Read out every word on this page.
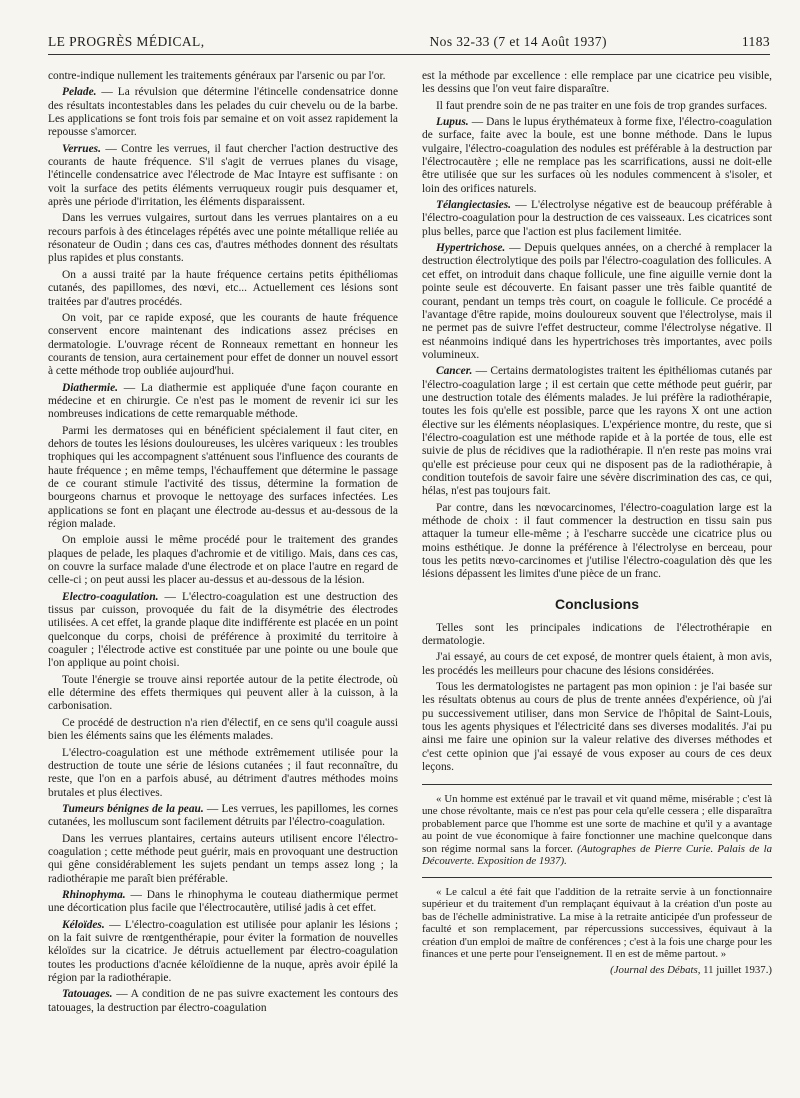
LE PROGRÈS MÉDICAL,	Nos 32-33 (7 et 14 Août 1937)	1183

contre-indique nullement les traitements généraux par l'arsenic ou par l'or.

Pelade. — La révulsion que détermine l'étincelle condensatrice donne des résultats incontestables dans les pelades du cuir chevelu ou de la barbe. Les applications se font trois fois par semaine et on voit assez rapidement la repousse s'amorcer.

Verrues. — Contre les verrues, il faut chercher l'action destructive des courants de haute fréquence. S'il s'agit de verrues planes du visage, l'étincelle condensatrice avec l'électrode de Mac Intayre est suffisante : on voit la surface des petits éléments verruqueux rougir puis desquamer et, après une période d'irritation, les éléments disparaissent.

Dans les verrues vulgaires, surtout dans les verrues plantaires on a eu recours parfois à des étincelages répétés avec une pointe métallique reliée au résonateur de Oudin ; dans ces cas, d'autres méthodes donnent des résultats plus rapides et plus constants.

On a aussi traité par la haute fréquence certains petits épithéliomas cutanés, des papillomes, des nœvi, etc... Actuellement ces lésions sont traitées par d'autres procédés.

On voit, par ce rapide exposé, que les courants de haute fréquence conservent encore maintenant des indications assez précises en dermatologie. L'ouvrage récent de Ronneaux remettant en honneur les courants de tension, aura certainement pour effet de donner un nouvel essort à cette méthode trop oubliée aujourd'hui.

Diathermie. — La diathermie est appliquée d'une façon courante en médecine et en chirurgie. Ce n'est pas le moment de revenir ici sur les nombreuses indications de cette remarquable méthode.

Parmi les dermatoses qui en bénéficient spécialement il faut citer, en dehors de toutes les lésions douloureuses, les ulcères variqueux : les troubles trophiques qui les accompagnent s'atténuent sous l'influence des courants de haute fréquence ; en même temps, l'échauffement que détermine le passage de ce courant stimule l'activité des tissus, détermine la formation de bourgeons charnus et provoque le nettoyage des surfaces infectées. Les applications se font en plaçant une électrode au-dessus et au-dessous de la région malade.

On emploie aussi le même procédé pour le traitement des grandes plaques de pelade, les plaques d'achromie et de vitiligo. Mais, dans ces cas, on couvre la surface malade d'une électrode et on place l'autre en regard de celle-ci ; on peut aussi les placer au-dessus et au-dessous de la lésion.

Electro-coagulation. — L'électro-coagulation est une destruction des tissus par cuisson, provoquée du fait de la disymétrie des électrodes utilisées. A cet effet, la grande plaque dite indifférente est placée en un point quelconque du corps, choisi de préférence à proximité du territoire à coaguler ; l'électrode active est constituée par une pointe ou une boule que l'on applique au point choisi.

Toute l'énergie se trouve ainsi reportée autour de la petite électrode, où elle détermine des effets thermiques qui peuvent aller à la cuisson, à la carbonisation.

Ce procédé de destruction n'a rien d'électif, en ce sens qu'il coagule aussi bien les éléments sains que les éléments malades.

L'électro-coagulation est une méthode extrêmement utilisée pour la destruction de toute une série de lésions cutanées ; il faut reconnaître, du reste, que l'on en a parfois abusé, au détriment d'autres méthodes moins brutales et plus électives.

Tumeurs bénignes de la peau. — Les verrues, les papillomes, les cornes cutanées, les molluscum sont facilement détruits par l'électro-coagulation.

Dans les verrues plantaires, certains auteurs utilisent encore l'électro-coagulation ; cette méthode peut guérir, mais en provoquant une destruction qui gêne considérablement les sujets pendant un temps assez long ; la radiothérapie me paraît bien préférable.

Rhinophyma. — Dans le rhinophyma le couteau diathermique permet une décortication plus facile que l'électrocautère, utilisé jadis à cet effet.

Kéloïdes. — L'électro-coagulation est utilisée pour aplanir les lésions ; on la fait suivre de rœntgenthérapie, pour éviter la formation de nouvelles kéloïdes sur la cicatrice. Je détruis actuellement par électro-coagulation toutes les productions d'acnée kéloïdienne de la nuque, après avoir épilé la région par la radiothérapie.

Tatouages. — A condition de ne pas suivre exactement les contours des tatouages, la destruction par électro-coagulation

est la méthode par excellence : elle remplace par une cicatrice peu visible, les dessins que l'on veut faire disparaître.

Il faut prendre soin de ne pas traiter en une fois de trop grandes surfaces.

Lupus. — Dans le lupus érythémateux à forme fixe, l'électro-coagulation de surface, faite avec la boule, est une bonne méthode. Dans le lupus vulgaire, l'électro-coagulation des nodules est préférable à la destruction par l'électrocautère ; elle ne remplace pas les scarrifications, aussi ne doit-elle être utilisée que sur les surfaces où les nodules commencent à s'isoler, et loin des orifices naturels.

Télangiectasies. — L'électrolyse négative est de beaucoup préférable à l'électro-coagulation pour la destruction de ces vaisseaux. Les cicatrices sont plus belles, parce que l'action est plus facilement limitée.

Hypertrichose. — Depuis quelques années, on a cherché à remplacer la destruction électrolytique des poils par l'électro-coagulation des follicules. A cet effet, on introduit dans chaque follicule, une fine aiguille vernie dont la pointe seule est découverte. En faisant passer une très faible quantité de courant, pendant un temps très court, on coagule le follicule. Ce procédé a l'avantage d'être rapide, moins douloureux souvent que l'électrolyse, mais il ne permet pas de suivre l'effet destructeur, comme l'électrolyse négative. Il est néanmoins indiqué dans les hypertrichoses très importantes, avec poils volumineux.

Cancer. — Certains dermatologistes traitent les épithéliomas cutanés par l'électro-coagulation large ; il est certain que cette méthode peut guérir, par une destruction totale des éléments malades. Je lui préfère la radiothérapie, toutes les fois qu'elle est possible, parce que les rayons X ont une action élective sur les éléments néoplasiques. L'expérience montre, du reste, que si l'électro-coagulation est une méthode rapide et à la portée de tous, elle est suivie de plus de récidives que la radiothérapie. Il n'en reste pas moins vrai qu'elle est précieuse pour ceux qui ne disposent pas de la radiothérapie, à condition toutefois de savoir faire une sévère discrimination des cas, ce qui, hélas, n'est pas toujours fait.

Par contre, dans les nœvocarcinomes, l'électro-coagulation large est la méthode de choix : il faut commencer la destruction en tissu sain pus attaquer la tumeur elle-même ; à l'escharre succède une cicatrice plus ou moins esthétique. Je donne la préférence à l'électrolyse en berceau, pour tous les petits nœvo-carcinomes et j'utilise l'électro-coagulation dès que les lésions dépassent les limites d'une pièce de un franc.

Conclusions

Telles sont les principales indications de l'électrothérapie en dermatologie.

J'ai essayé, au cours de cet exposé, de montrer quels étaient, à mon avis, les procédés les meilleurs pour chacune des lésions considérées.

Tous les dermatologistes ne partagent pas mon opinion : je l'ai basée sur les résultats obtenus au cours de plus de trente années d'expérience, où j'ai pu successivement utiliser, dans mon Service de l'hôpital de Saint-Louis, tous les agents physiques et l'électricité dans ses diverses modalités. J'ai pu ainsi me faire une opinion sur la valeur relative des diverses méthodes et c'est cette opinion que j'ai essayé de vous exposer au cours de ces deux leçons.

« Un homme est exténué par le travail et vit quand même, misérable ; c'est là une chose révoltante, mais ce n'est pas pour cela qu'elle cessera ; elle disparaîtra probablement parce que l'homme est une sorte de machine et qu'il y a avantage au point de vue économique à faire fonctionner une machine quelconque dans son régime normal sans la forcer. (Autographes de Pierre Curie. Palais de la Découverte. Exposition de 1937).

« Le calcul a été fait que l'addition de la retraite servie à un fonctionnaire supérieur et du traitement d'un remplaçant équivaut à la création d'un poste au bas de l'échelle administrative. La mise à la retraite anticipée d'un professeur de faculté et son remplacement, par répercussions successives, équivaut à la création d'un emploi de maître de conférences ; c'est à la fois une charge pour les finances et une perte pour l'enseignement. Il en est de même partout. »

(Journal des Débats, 11 juillet 1937.)
